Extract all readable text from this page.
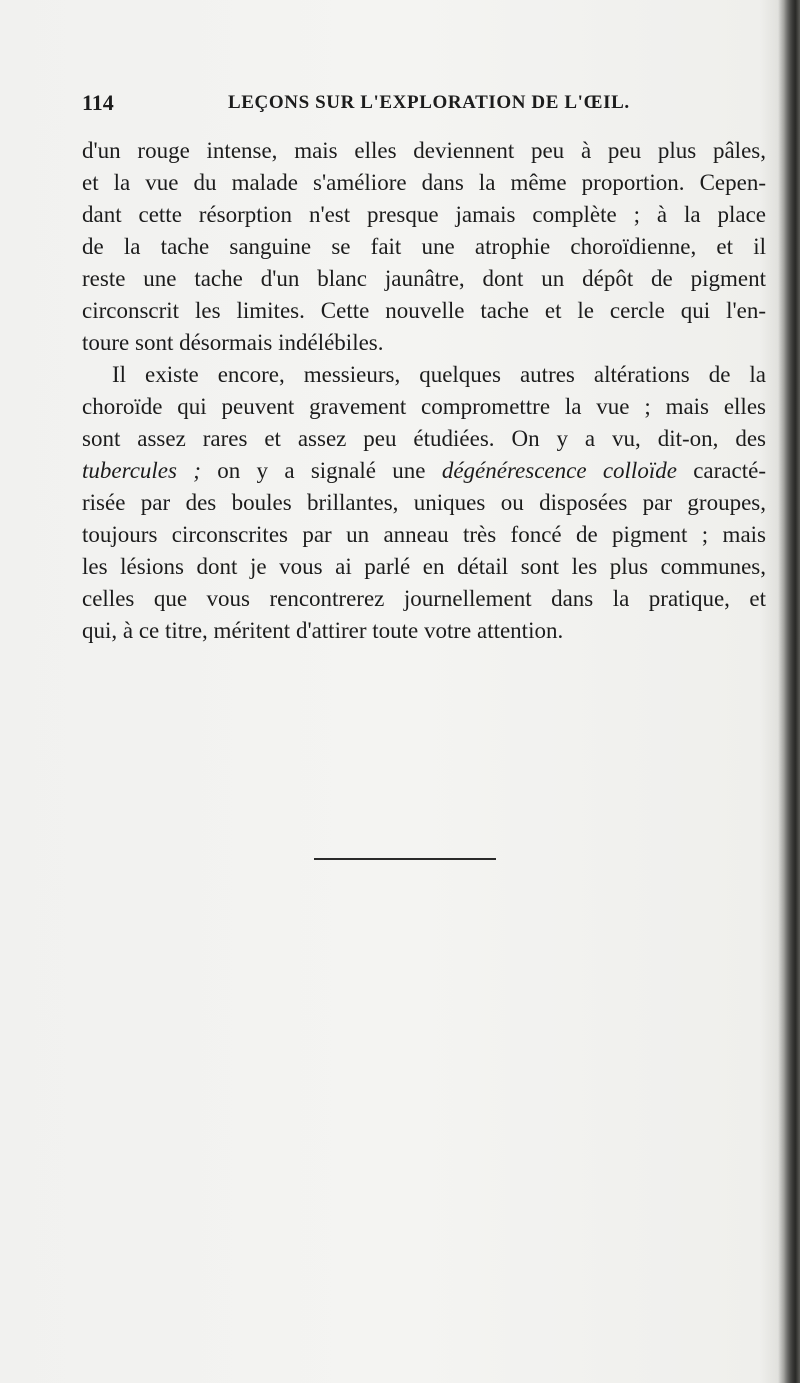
114	LEÇONS SUR L'EXPLORATION DE L'ŒIL.
d'un rouge intense, mais elles deviennent peu à peu plus pâles,
et la vue du malade s'améliore dans la même proportion. Cepen-
dant cette résorption n'est presque jamais complète ; à la place
de la tache sanguine se fait une atrophie choroïdienne, et il
reste une tache d'un blanc jaunâtre, dont un dépôt de pigment
circonscrit les limites. Cette nouvelle tache et le cercle qui l'en-
toure sont désormais indélébiles.
Il existe encore, messieurs, quelques autres altérations de la
choroïde qui peuvent gravement compromettre la vue ; mais elles
sont assez rares et assez peu étudiées. On y a vu, dit-on, des
tubercules ; on y a signalé une dégénérescence colloïde caracté-
risée par des boules brillantes, uniques ou disposées par groupes,
toujours circonscrites par un anneau très foncé de pigment ; mais
les lésions dont je vous ai parlé en détail sont les plus communes,
celles que vous rencontrerez journellement dans la pratique, et
qui, à ce titre, méritent d'attirer toute votre attention.
